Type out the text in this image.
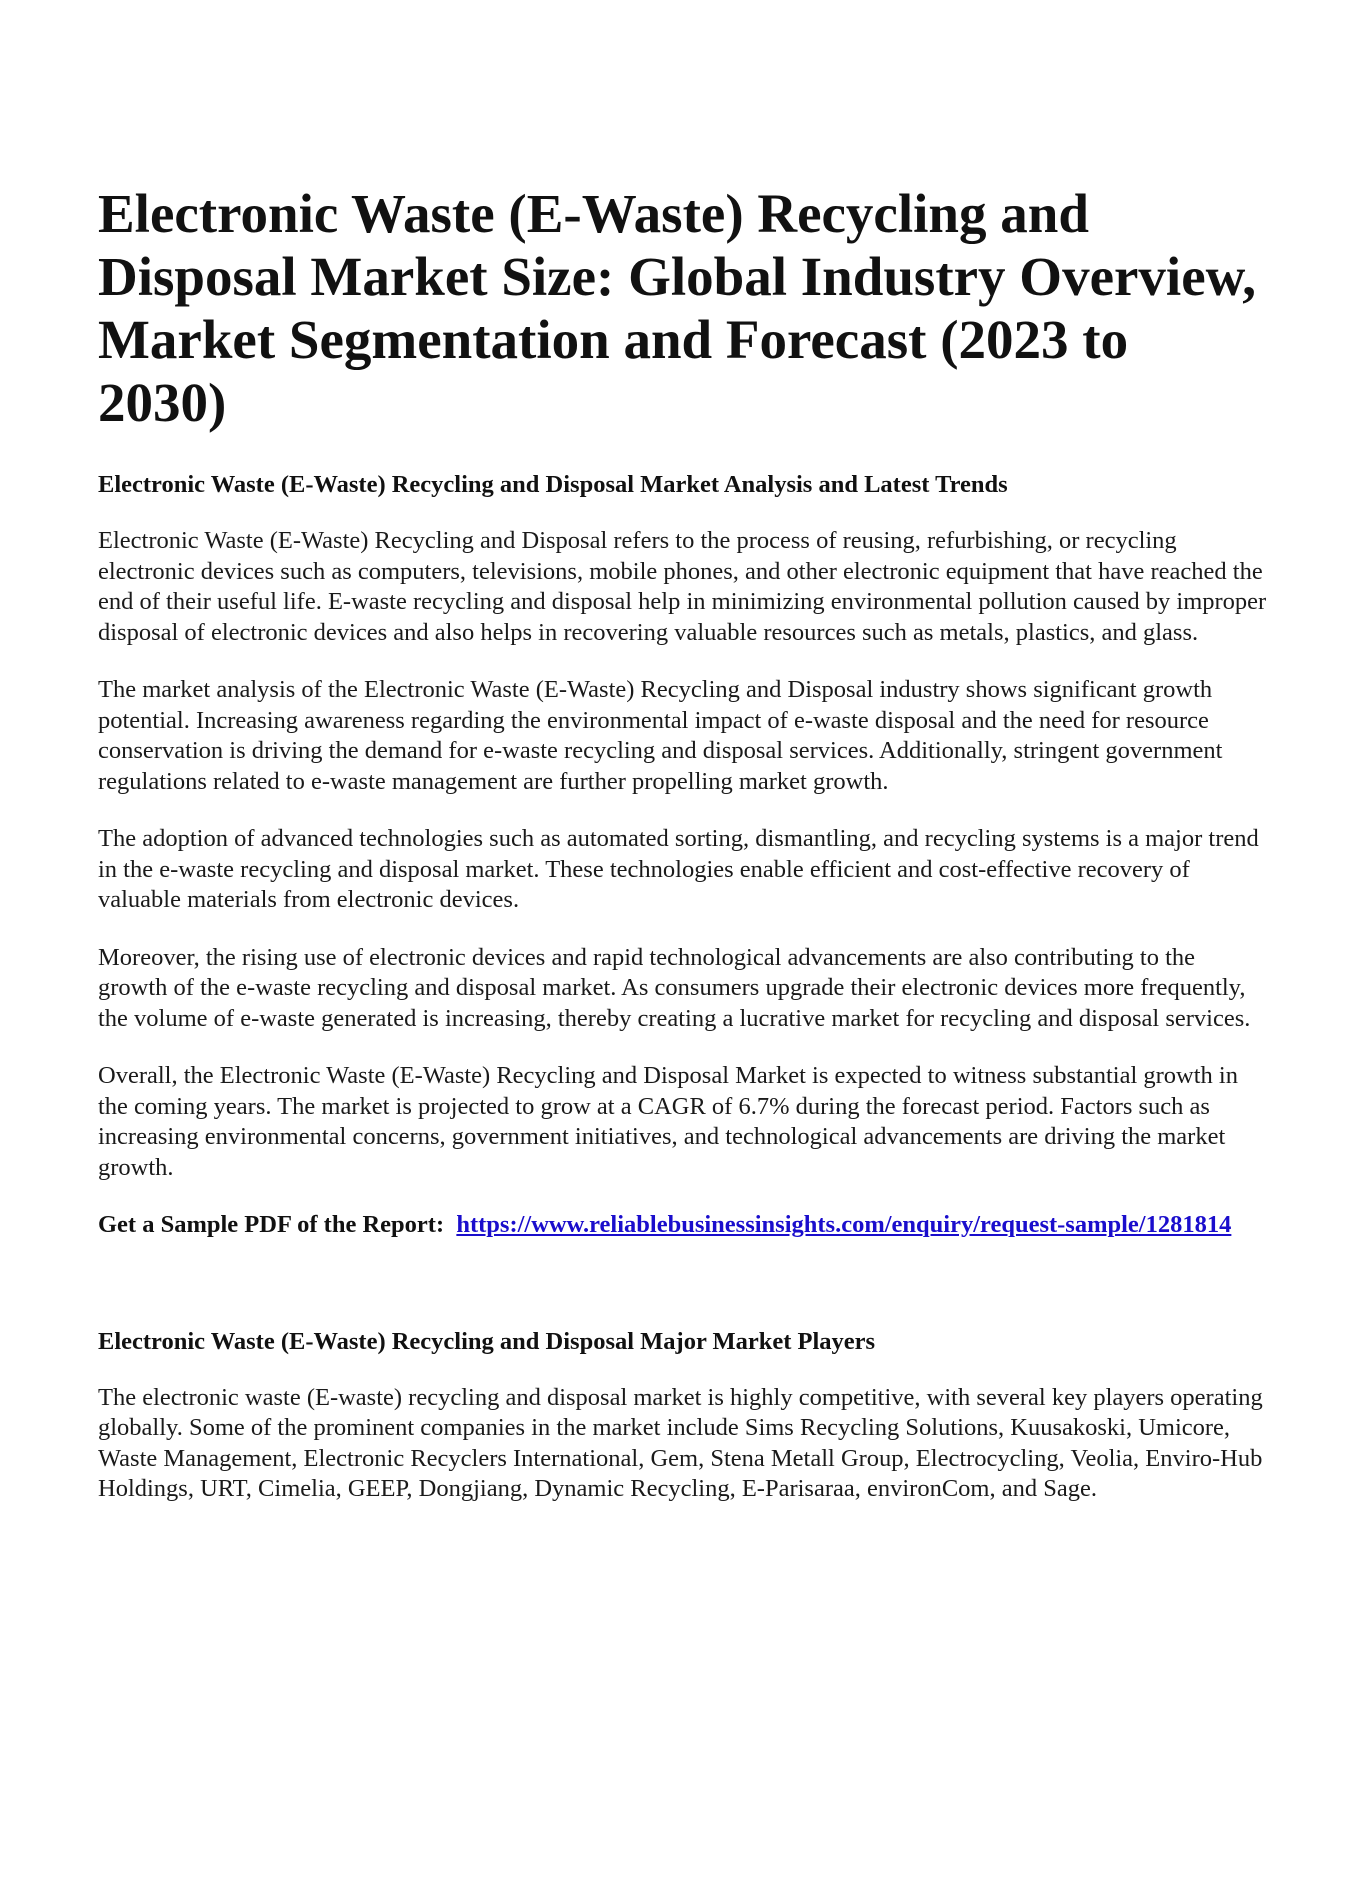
Electronic Waste (E-Waste) Recycling and Disposal Market Size: Global Industry Overview, Market Segmentation and Forecast (2023 to 2030)
Electronic Waste (E-Waste) Recycling and Disposal Market Analysis and Latest Trends

Electronic Waste (E-Waste) Recycling and Disposal refers to the process of reusing, refurbishing, or recycling electronic devices such as computers, televisions, mobile phones, and other electronic equipment that have reached the end of their useful life. E-waste recycling and disposal help in minimizing environmental pollution caused by improper disposal of electronic devices and also helps in recovering valuable resources such as metals, plastics, and glass.

The market analysis of the Electronic Waste (E-Waste) Recycling and Disposal industry shows significant growth potential. Increasing awareness regarding the environmental impact of e-waste disposal and the need for resource conservation is driving the demand for e-waste recycling and disposal services. Additionally, stringent government regulations related to e-waste management are further propelling market growth.

The adoption of advanced technologies such as automated sorting, dismantling, and recycling systems is a major trend in the e-waste recycling and disposal market. These technologies enable efficient and cost-effective recovery of valuable materials from electronic devices.

Moreover, the rising use of electronic devices and rapid technological advancements are also contributing to the growth of the e-waste recycling and disposal market. As consumers upgrade their electronic devices more frequently, the volume of e-waste generated is increasing, thereby creating a lucrative market for recycling and disposal services.

Overall, the Electronic Waste (E-Waste) Recycling and Disposal Market is expected to witness substantial growth in the coming years. The market is projected to grow at a CAGR of 6.7% during the forecast period. Factors such as increasing environmental concerns, government initiatives, and technological advancements are driving the market growth.

Get a Sample PDF of the Report: https://www.reliablebusinessinsights.com/enquiry/request-sample/1281814

Electronic Waste (E-Waste) Recycling and Disposal Major Market Players

The electronic waste (E-waste) recycling and disposal market is highly competitive, with several key players operating globally. Some of the prominent companies in the market include Sims Recycling Solutions, Kuusakoski, Umicore, Waste Management, Electronic Recyclers International, Gem, Stena Metall Group, Electrocycling, Veolia, Enviro-Hub Holdings, URT, Cimelia, GEEP, Dongjiang, Dynamic Recycling, E-Parisaraa, environCom, and Sage.
